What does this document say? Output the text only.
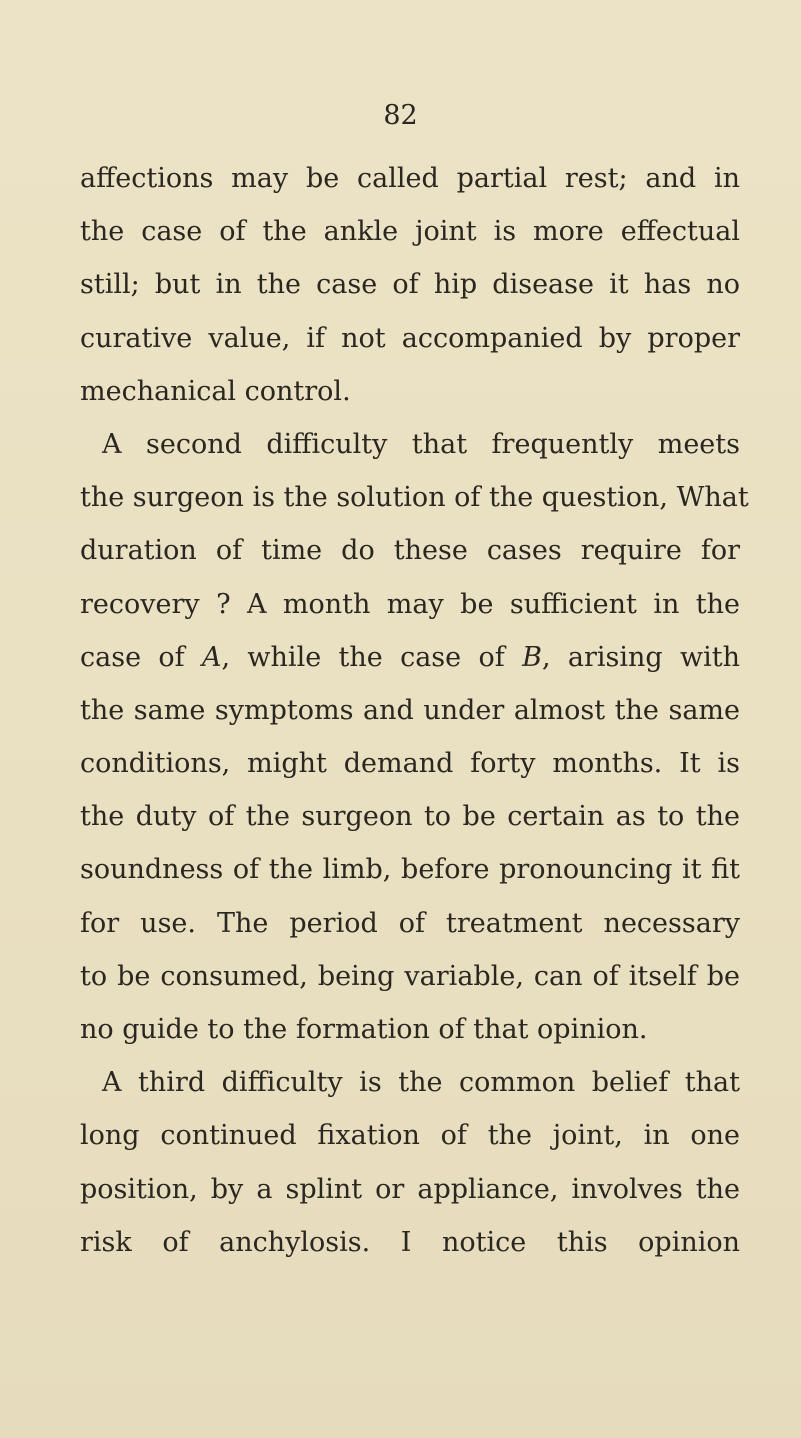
82
affections may be called partial rest; and in
the case of the ankle joint is more effectual
still; but in the case of hip disease it has no
curative value, if not accompanied by proper
mechanical control.
A second difficulty that frequently meets
the surgeon is the solution of the question, What
duration of time do these cases require for
recovery ? A month may be sufficient in the
case of A, while the case of B, arising with
the same symptoms and under almost the same
conditions, might demand forty months. It is
the duty of the surgeon to be certain as to the
soundness of the limb, before pronouncing it fit
for use. The period of treatment necessary
to be consumed, being variable, can of itself be
no guide to the formation of that opinion.
A third difficulty is the common belief that
long continued fixation of the joint, in one
position, by a splint or appliance, involves the
risk of anchylosis. I notice this opinion
